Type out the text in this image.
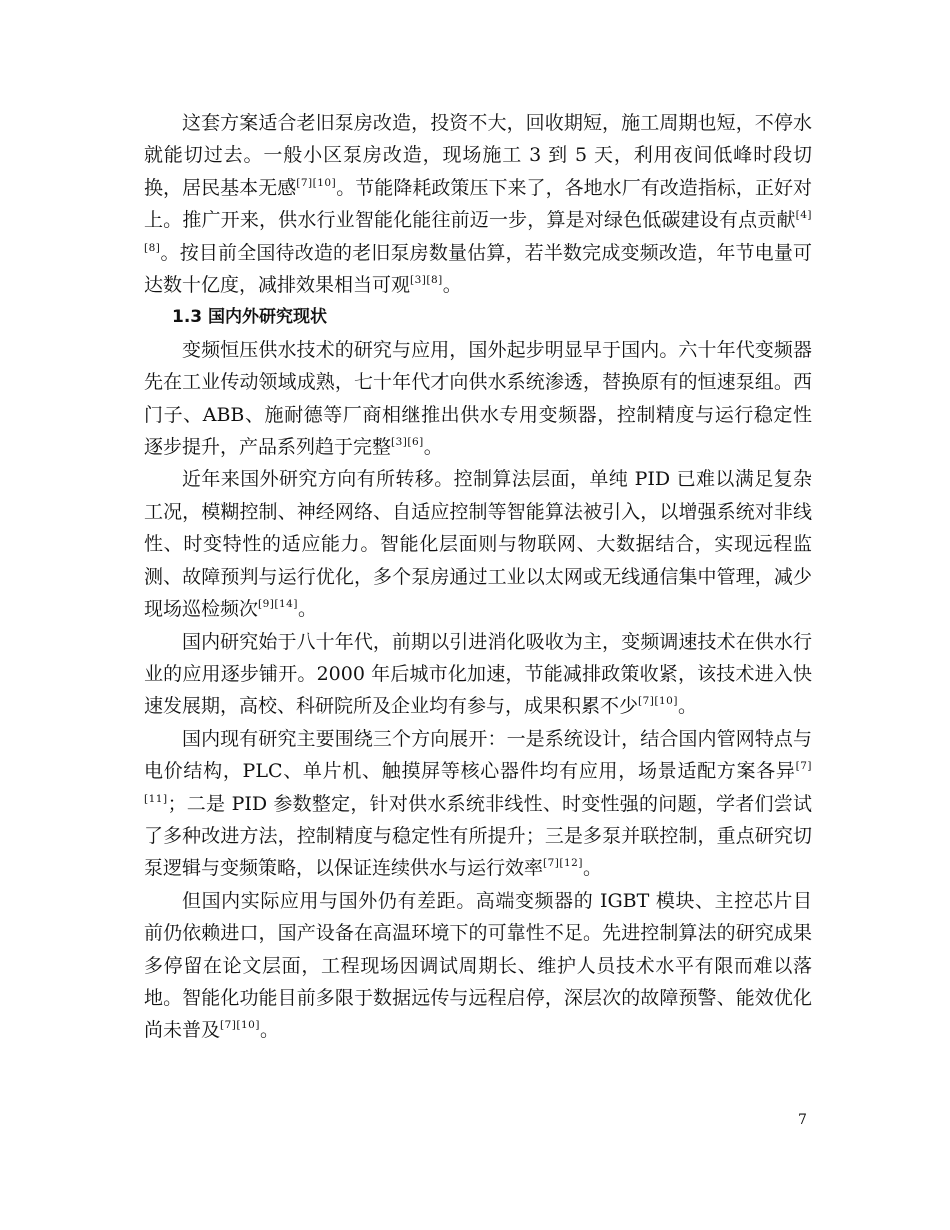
这套方案适合老旧泵房改造，投资不大，回收期短，施工周期也短，不停水就能切过去。一般小区泵房改造，现场施工 3 到 5 天，利用夜间低峰时段切换，居民基本无感[7][10]。节能降耗政策压下来了，各地水厂有改造指标，正好对上。推广开来，供水行业智能化能往前迈一步，算是对绿色低碳建设有点贡献[4][8]。按目前全国待改造的老旧泵房数量估算，若半数完成变频改造，年节电量可达数十亿度，减排效果相当可观[3][8]。

1.3 国内外研究现状

变频恒压供水技术的研究与应用，国外起步明显早于国内。六十年代变频器先在工业传动领域成熟，七十年代才向供水系统渗透，替换原有的恒速泵组。西门子、ABB、施耐德等厂商相继推出供水专用变频器，控制精度与运行稳定性逐步提升，产品系列趋于完整[3][6]。

近年来国外研究方向有所转移。控制算法层面，单纯 PID 已难以满足复杂工况，模糊控制、神经网络、自适应控制等智能算法被引入，以增强系统对非线性、时变特性的适应能力。智能化层面则与物联网、大数据结合，实现远程监测、故障预判与运行优化，多个泵房通过工业以太网或无线通信集中管理，减少现场巡检频次[9][14]。

国内研究始于八十年代，前期以引进消化吸收为主，变频调速技术在供水行业的应用逐步铺开。2000 年后城市化加速，节能减排政策收紧，该技术进入快速发展期，高校、科研院所及企业均有参与，成果积累不少[7][10]。

国内现有研究主要围绕三个方向展开：一是系统设计，结合国内管网特点与电价结构，PLC、单片机、触摸屏等核心器件均有应用，场景适配方案各异[7][11]；二是 PID 参数整定，针对供水系统非线性、时变性强的问题，学者们尝试了多种改进方法，控制精度与稳定性有所提升；三是多泵并联控制，重点研究切泵逻辑与变频策略，以保证连续供水与运行效率[7][12]。

但国内实际应用与国外仍有差距。高端变频器的 IGBT 模块、主控芯片目前仍依赖进口，国产设备在高温环境下的可靠性不足。先进控制算法的研究成果多停留在论文层面，工程现场因调试周期长、维护人员技术水平有限而难以落地。智能化功能目前多限于数据远传与远程启停，深层次的故障预警、能效优化尚未普及[7][10]。

7
